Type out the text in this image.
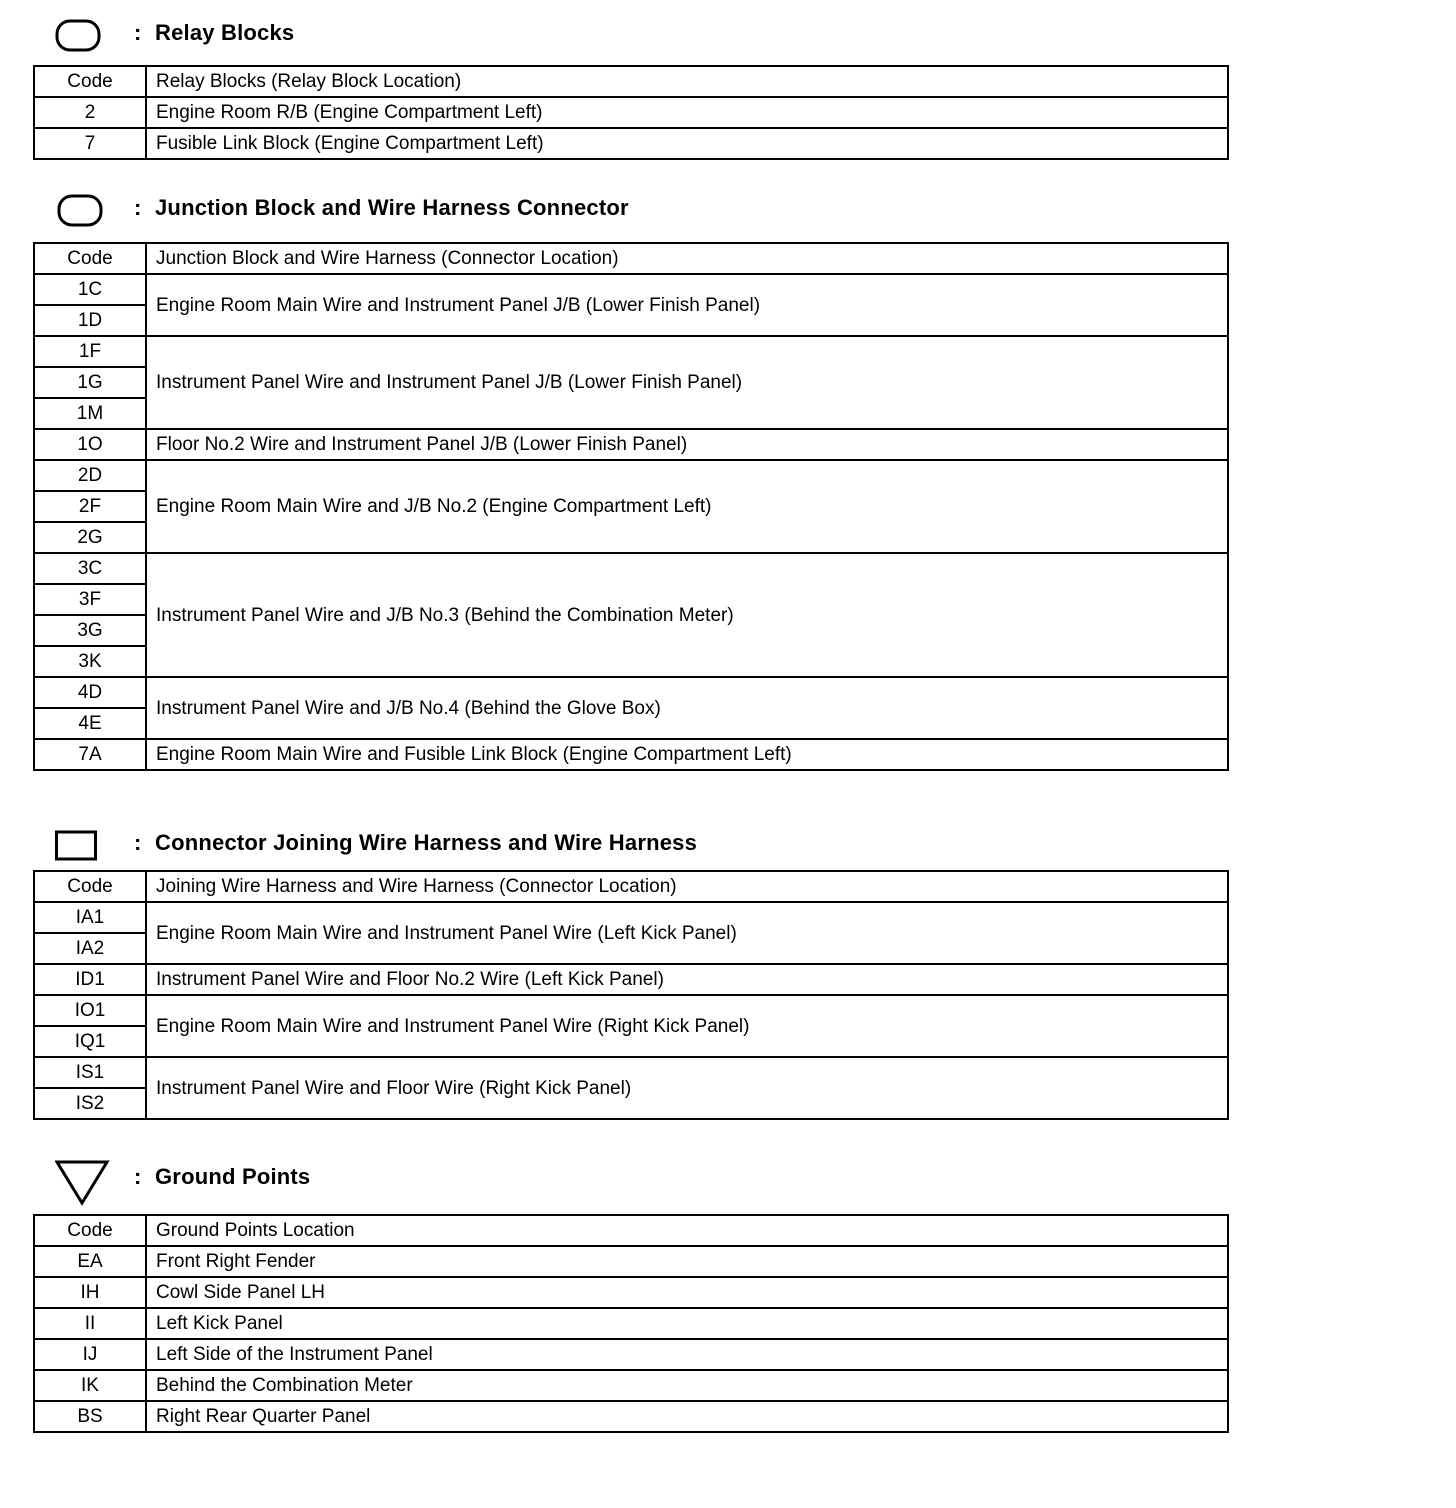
: Relay Blocks
Code	Relay Blocks (Relay Block Location)
2	Engine Room R/B (Engine Compartment Left)
7	Fusible Link Block (Engine Compartment Left)
: Junction Block and Wire Harness Connector
Code	Junction Block and Wire Harness (Connector Location)
1C	Engine Room Main Wire and Instrument Panel J/B (Lower Finish Panel)
1D	
1F	Instrument Panel Wire and Instrument Panel J/B (Lower Finish Panel)
1G	
1M	
1O	Floor No.2 Wire and Instrument Panel J/B (Lower Finish Panel)
2D	Engine Room Main Wire and J/B No.2 (Engine Compartment Left)
2F	
2G	
3C	Instrument Panel Wire and J/B No.3 (Behind the Combination Meter)
3F	
3G	
3K	
4D	Instrument Panel Wire and J/B No.4 (Behind the Glove Box)
4E	
7A	Engine Room Main Wire and Fusible Link Block (Engine Compartment Left)
: Connector Joining Wire Harness and Wire Harness
Code	Joining Wire Harness and Wire Harness (Connector Location)
IA1	Engine Room Main Wire and Instrument Panel Wire (Left Kick Panel)
IA2	
ID1	Instrument Panel Wire and Floor No.2 Wire (Left Kick Panel)
IO1	Engine Room Main Wire and Instrument Panel Wire (Right Kick Panel)
IQ1	
IS1	Instrument Panel Wire and Floor Wire (Right Kick Panel)
IS2	
: Ground Points
Code	Ground Points Location
EA	Front Right Fender
IH	Cowl Side Panel LH
II	Left Kick Panel
IJ	Left Side of the Instrument Panel
IK	Behind the Combination Meter
BS	Right Rear Quarter Panel
